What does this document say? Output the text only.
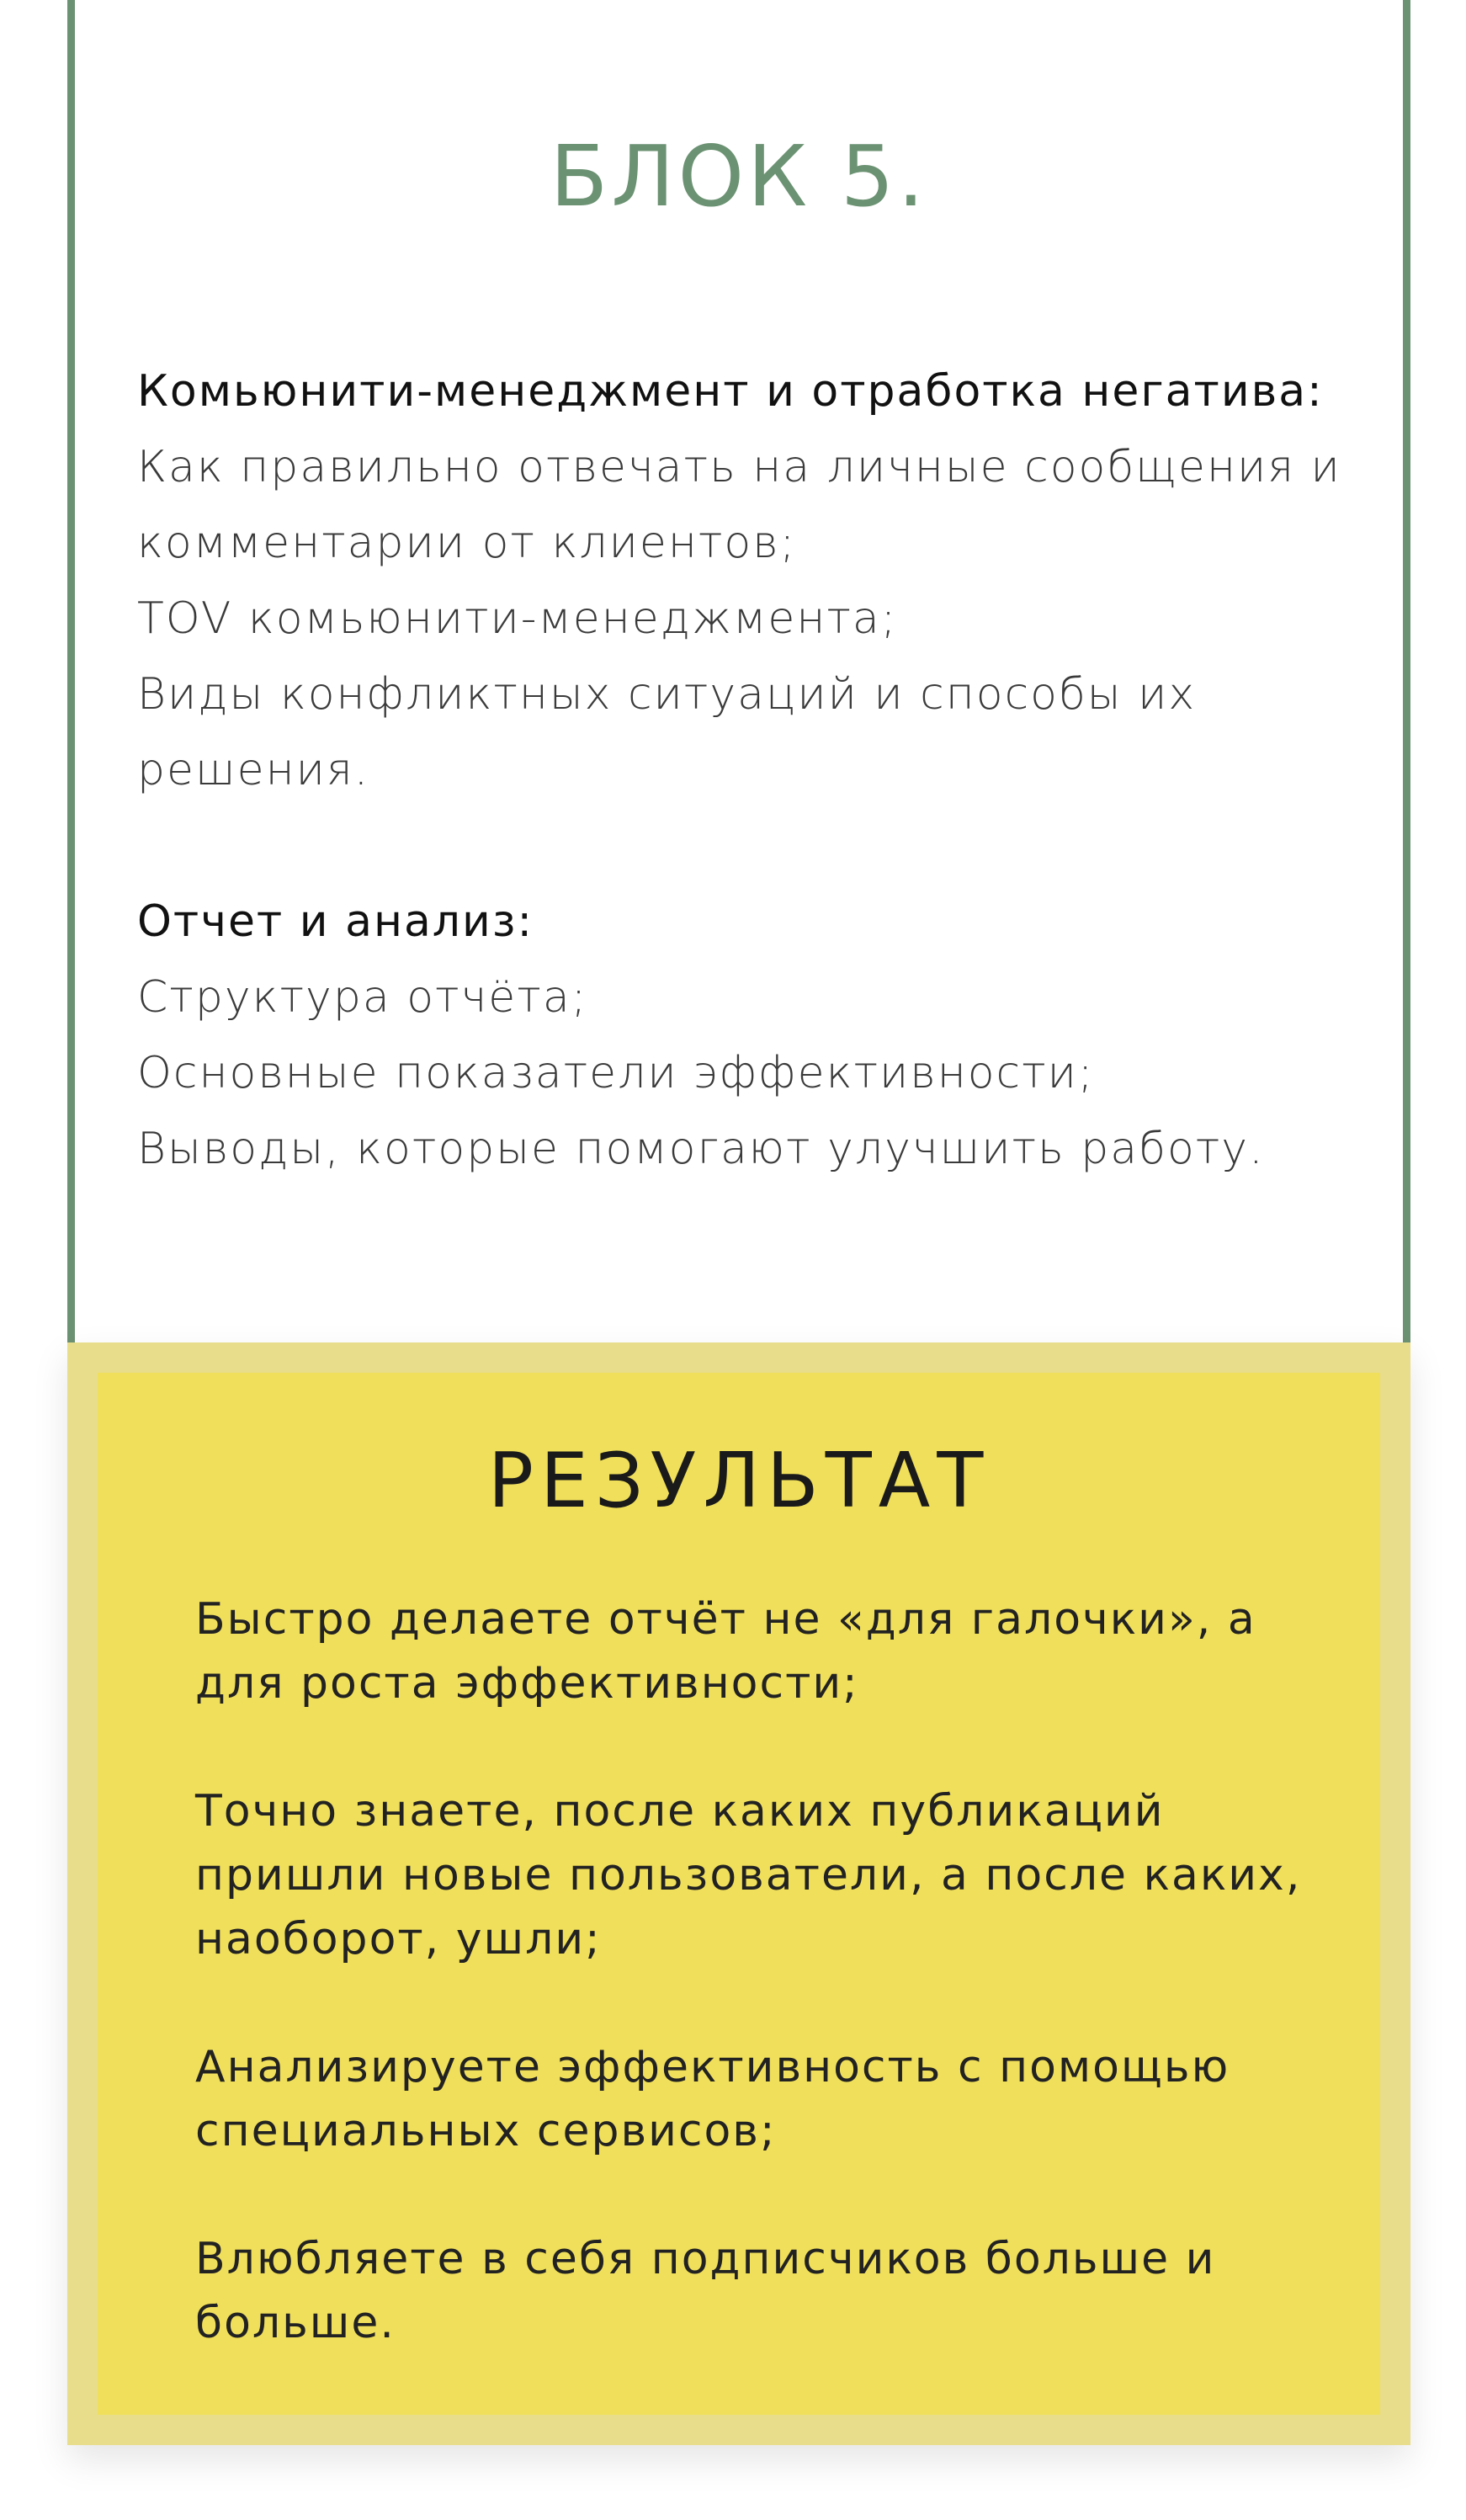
БЛОК 5.
Комьюнити-менеджмент и отработка негатива:
Как правильно отвечать на личные сообщения и комментарии от клиентов;
TOV комьюнити-менеджмента;
Виды конфликтных ситуаций и способы их решения.
Отчет и анализ:
Структура отчёта;
Основные показатели эффективности;
Выводы, которые помогают улучшить работу.
РЕЗУЛЬТАТ
Быстро делаете отчёт не «для галочки», а для роста эффективности;
Точно знаете, после каких публикаций пришли новые пользователи, а после каких, наоборот, ушли;
Анализируете эффективность с помощью специальных сервисов;
Влюбляете в себя подписчиков больше и больше.
